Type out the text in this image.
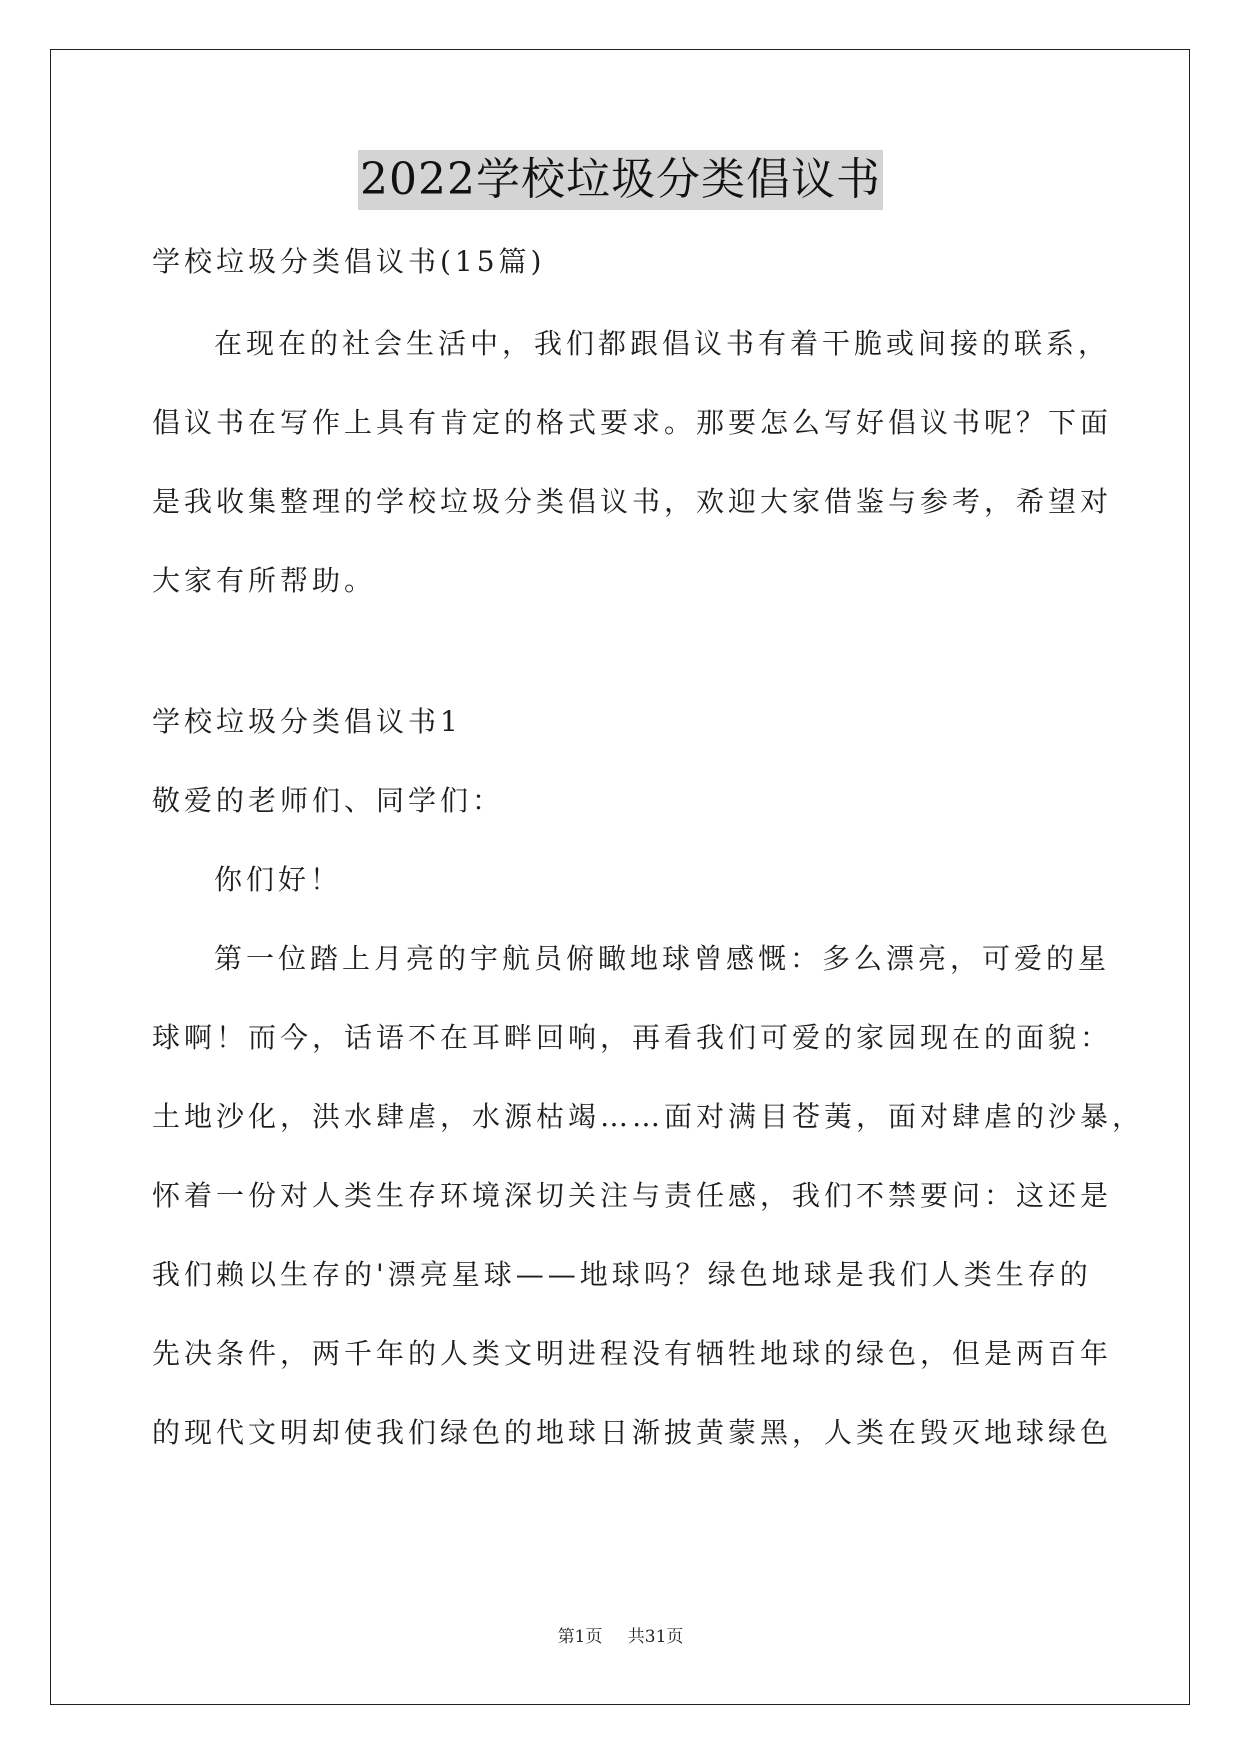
2022学校垃圾分类倡议书
学校垃圾分类倡议书(15篇)
在现在的社会生活中，我们都跟倡议书有着干脆或间接的联系，
倡议书在写作上具有肯定的格式要求。那要怎么写好倡议书呢？下面
是我收集整理的学校垃圾分类倡议书，欢迎大家借鉴与参考，希望对
大家有所帮助。
学校垃圾分类倡议书1
敬爱的老师们、同学们：
你们好！
第一位踏上月亮的宇航员俯瞰地球曾感慨：多么漂亮，可爱的星
球啊！而今，话语不在耳畔回响，再看我们可爱的家园现在的面貌：
土地沙化，洪水肆虐，水源枯竭……面对满目苍荑，面对肆虐的沙暴，
怀着一份对人类生存环境深切关注与责任感，我们不禁要问：这还是
我们赖以生存的'漂亮星球——地球吗？绿色地球是我们人类生存的
先决条件，两千年的人类文明进程没有牺牲地球的绿色，但是两百年
的现代文明却使我们绿色的地球日渐披黄蒙黑，人类在毁灭地球绿色
第1页 共31页
